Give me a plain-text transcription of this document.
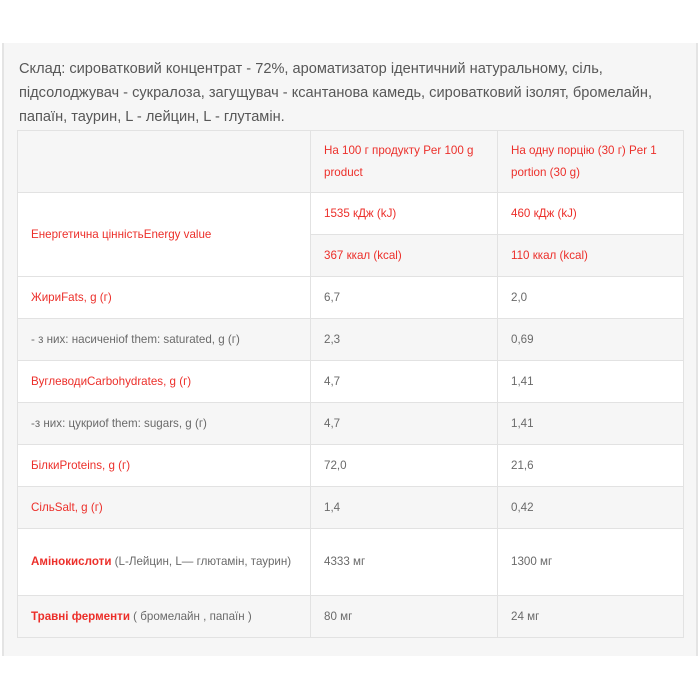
Склад: сироватковий концентрат - 72%, ароматизатор ідентичний натуральному, сіль, підсолоджувач - сукралоза, загущувач - ксантанова камедь, сироватковий ізолят, бромелайн, папаїн, таурин, L - лейцин, L - глутамін.

	На 100 г продукту Per 100 g product	На одну порцію (30 г) Per 1 portion (30 g)
Енергетична цінністьEnergy value	1535 кДж (kJ)	460 кДж (kJ)
	367 ккал (kcal)	110 ккал (kcal)
ЖириFats, g (г)	6,7	2,0
- з них: насиченіof them: saturated, g (г)	2,3	0,69
ВуглеводиCarbohydrates, g (г)	4,7	1,41
-з них: цукриof them: sugars, g (г)	4,7	1,41
БілкиProteins, g (г)	72,0	21,6
СільSalt, g (г)	1,4	0,42
Амінокислоти (L-Лейцин, L— глютамін, таурин)	4333 мг	1300 мг
Травні ферменти ( бромелайн , папаїн )	80 мг	24 мг
